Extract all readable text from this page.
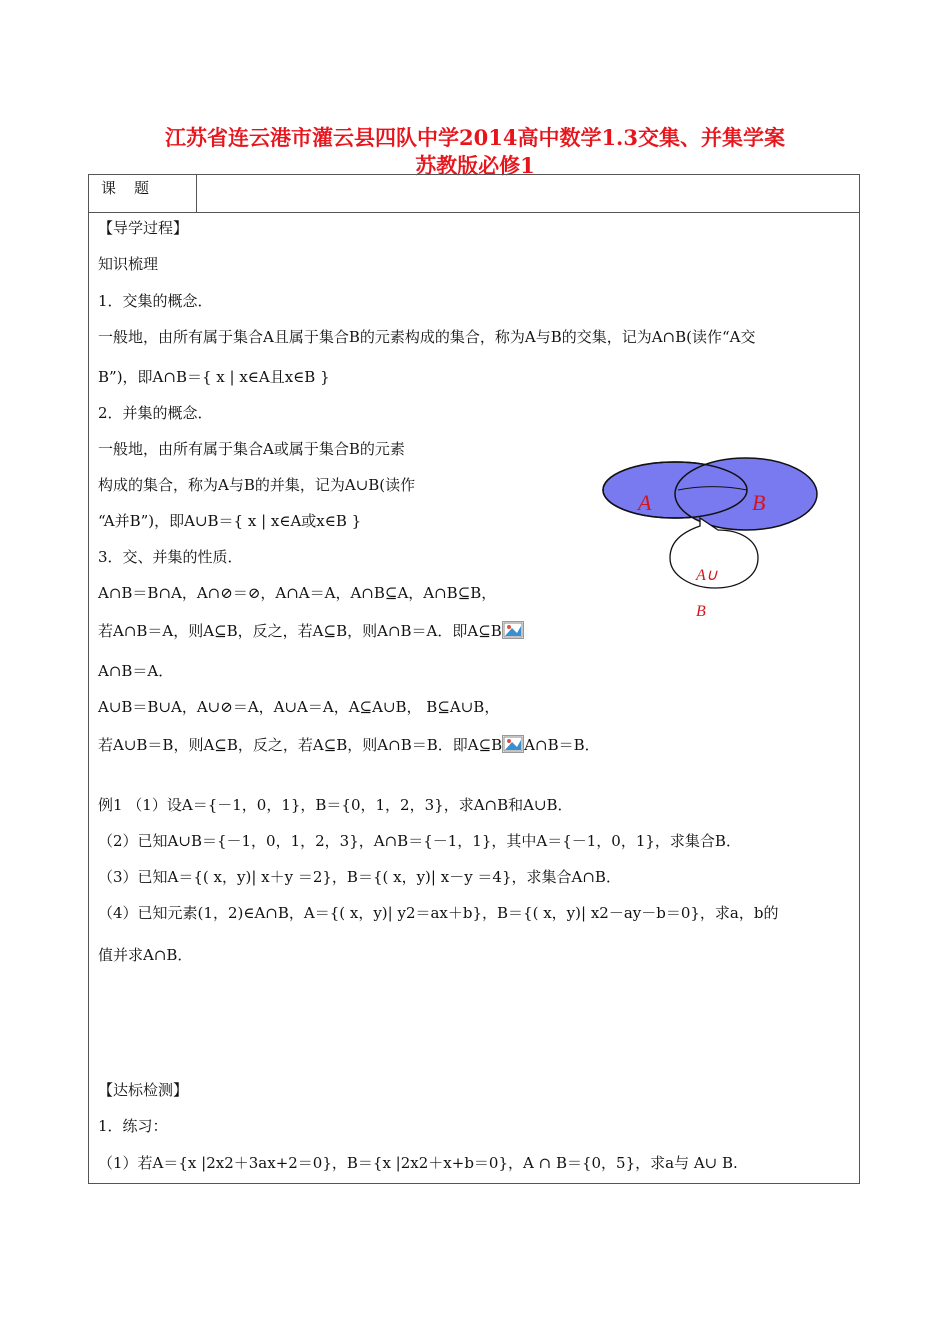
江苏省连云港市灌云县四队中学2014高中数学1.3交集、并集学案
苏教版必修1
课题
【导学过程】
知识梳理
1．交集的概念．
一般地，由所有属于集合A且属于集合B的元素构成的集合，称为A与B的交集，记为A∩B(读作“A交
B”)，即A∩B＝{ x | x∈A且x∈B }
2．并集的概念．
一般地，由所有属于集合A或属于集合B的元素
构成的集合，称为A与B的并集，记为A∪B(读作
“A并B”)，即A∪B＝{ x | x∈A或x∈B }
3．交、并集的性质．
A∩B＝B∩A，A∩⊘＝⊘，A∩A＝A，A∩B⊆A，A∩B⊆B，
若A∩B＝A，则A⊆B，反之，若A⊆B，则A∩B＝A．即A⊆B
A∩B＝A．
A∪B＝B∪A，A∪⊘＝A，A∪A＝A，A⊆A∪B， B⊆A∪B，
若A∪B＝B，则A⊆B，反之，若A⊆B，则A∩B＝B．即A⊆B A∩B＝B．
例1 （1）设A＝{－1，0，1}，B＝{0，1，2，3}，求A∩B和A∪B．
（2）已知A∪B＝{－1，0，1，2，3}，A∩B＝{－1，1}，其中A＝{－1，0，1}，求集合B．
（3）已知A＝{( x，y)| x＋y ＝2}，B＝{( x，y)| x－y ＝4}，求集合A∩B．
（4）已知元素(1，2)∈A∩B，A＝{( x，y)| y2＝ax＋b}，B＝{( x，y)| x2－ay－b＝0}，求a，b的
值并求A∩B．
【达标检测】
1．练习：
（1）若A＝{x |2x2＋3ax+2＝0}，B＝{x |2x2＋x+b＝0}，A ∩ B＝{0，5}，求a与 A∪ B.
A	B
A∪
B
